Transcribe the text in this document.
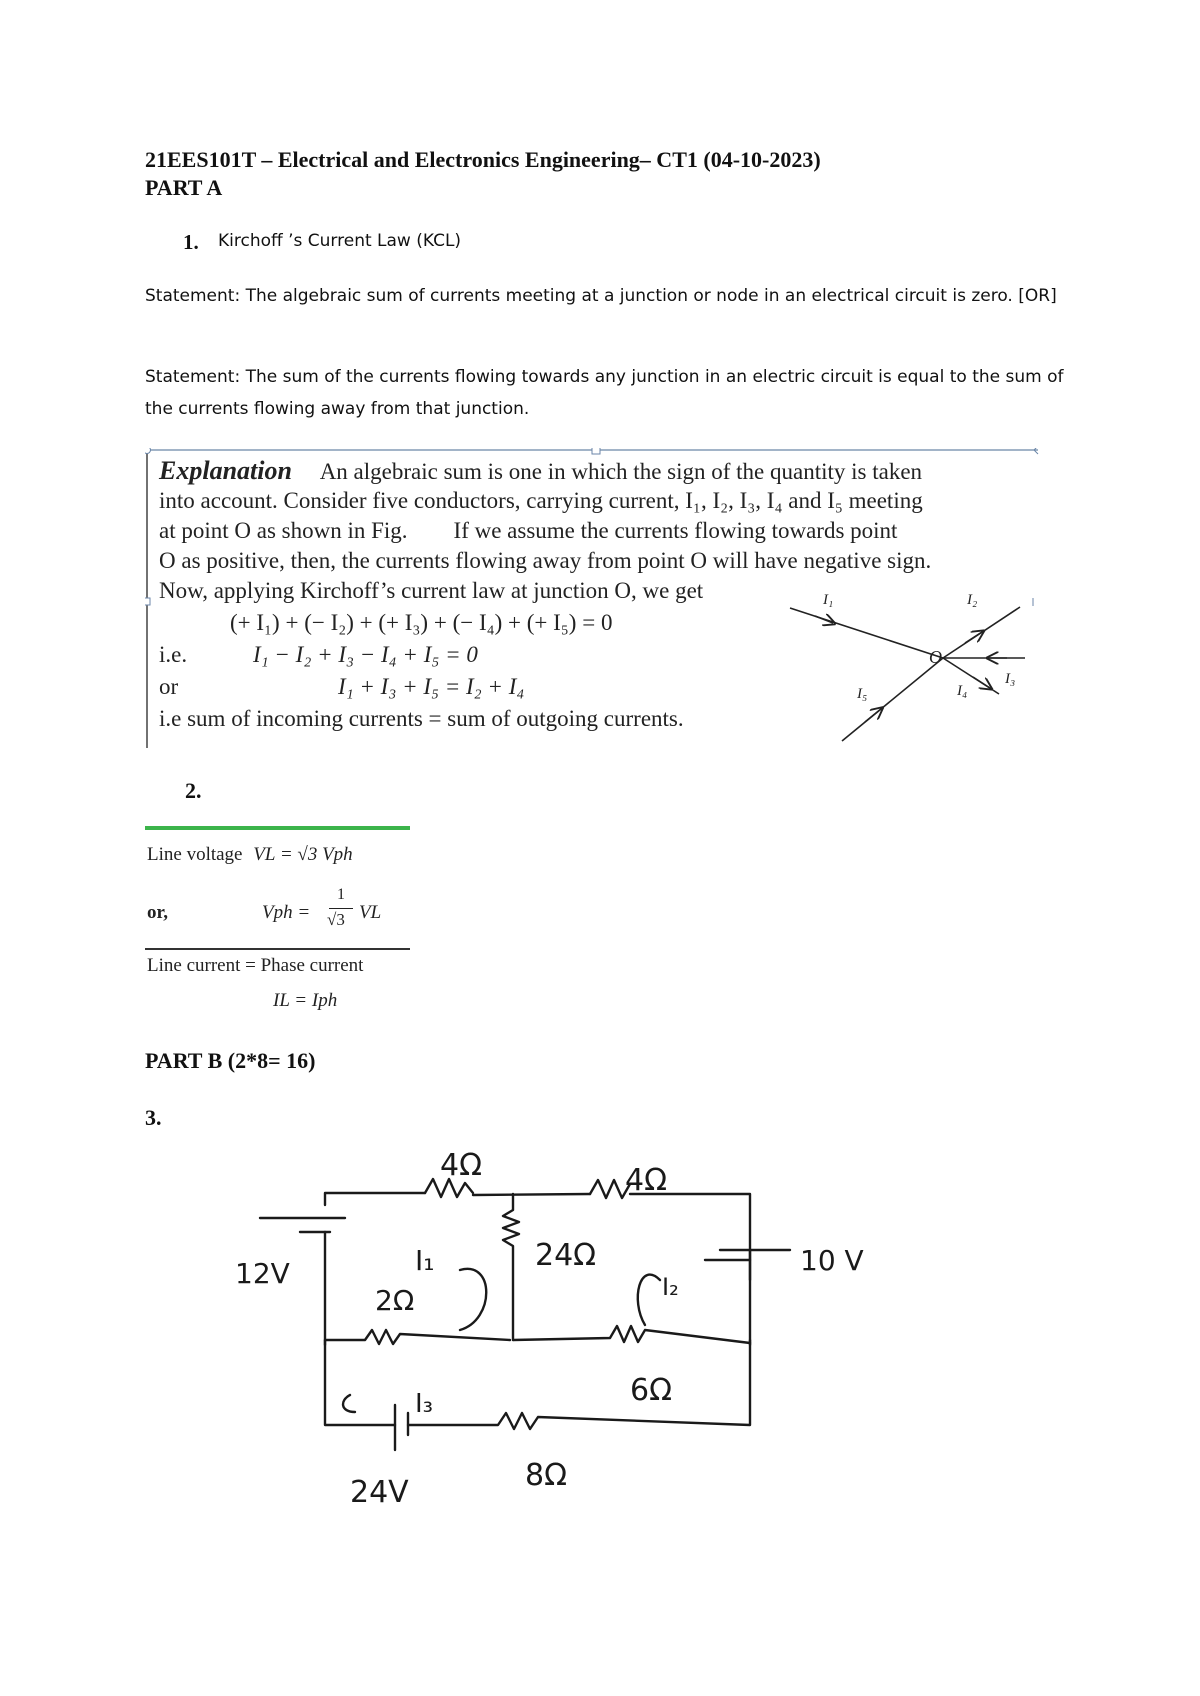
21EES101T – Electrical and Electronics Engineering– CT1 (04-10-2023)
PART A
1. Kirchoff ’s Current Law (KCL)
Statement: The algebraic sum of currents meeting at a junction or node in an electrical circuit is zero. [OR]
Statement: The sum of the currents flowing towards any junction in an electric circuit is equal to the sum of the currents flowing away from that junction.
Explanation An algebraic sum is one in which the sign of the quantity is taken
into account. Consider five conductors, carrying current, I₁, I₂, I₃, I₄ and I₅ meeting
at point O as shown in Fig.        If we assume the currents flowing towards point
O as positive, then, the currents flowing away from point O will have negative sign.
Now, applying Kirchoff’s current law at junction O, we get
(+ I₁) + (− I₂) + (+ I₃) + (− I₄) + (+ I₅) = 0
i.e.	I₁ − I₂ + I₃ − I₄ + I₅ = 0
or	I₁ + I₃ + I₅ = I₂ + I₄
i.e sum of incoming currents = sum of outgoing currents.
O
I₁	I₂
I₃
I₄
I₅
2.
Line voltage VL = √3 Vph
or,	Vph =
1
√3 VL
Line current = Phase current
IL = Iph
PART B (2*8= 16)
3.
4Ω	4Ω
24Ω
2Ω
6Ω
8Ω
12V	10 V
24V
I₁
I₂
I₃
